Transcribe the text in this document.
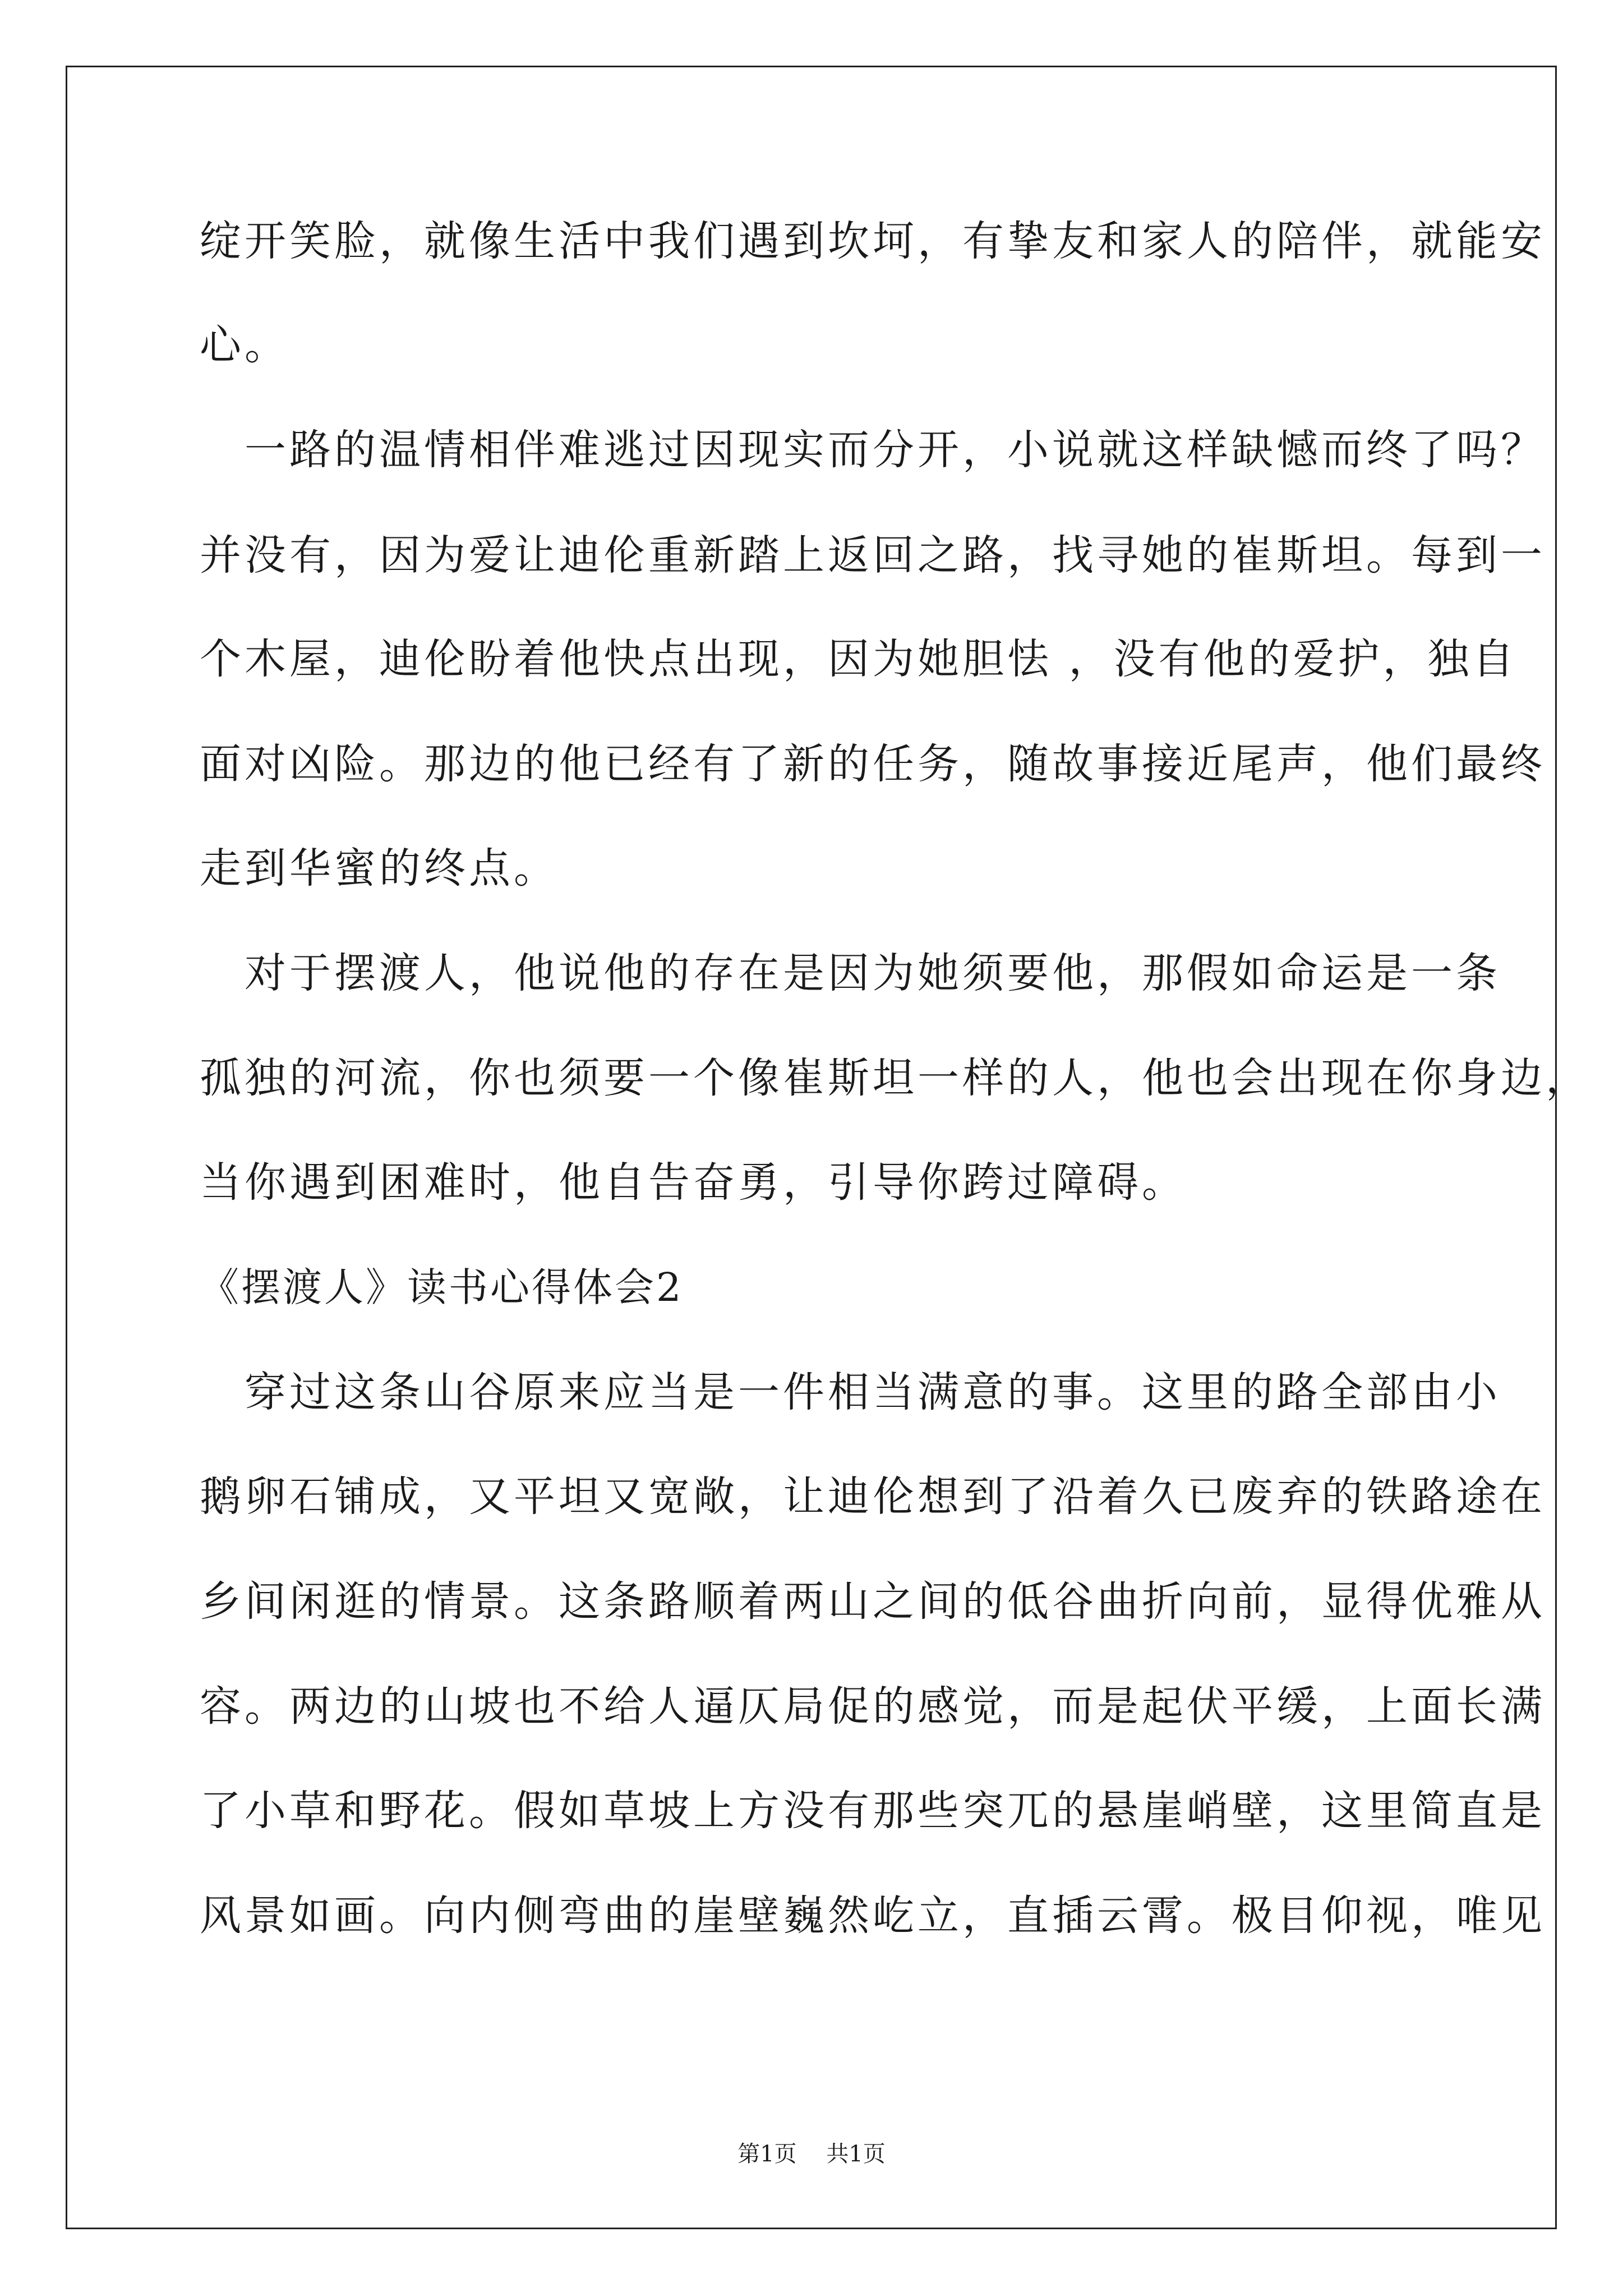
绽开笑脸，就像生活中我们遇到坎坷，有挚友和家人的陪伴，就能安
心。
　一路的温情相伴难逃过因现实而分开，小说就这样缺憾而终了吗？
并没有，因为爱让迪伦重新踏上返回之路，找寻她的崔斯坦。每到一
个木屋，迪伦盼着他快点出现，因为她胆怯 ，没有他的爱护，独自
面对凶险。那边的他已经有了新的任务，随故事接近尾声，他们最终
走到华蜜的终点。
　对于摆渡人，他说他的存在是因为她须要他，那假如命运是一条
孤独的河流，你也须要一个像崔斯坦一样的人，他也会出现在你身边，
当你遇到困难时，他自告奋勇，引导你跨过障碍。
《摆渡人》读书心得体会2
　穿过这条山谷原来应当是一件相当满意的事。这里的路全部由小
鹅卵石铺成，又平坦又宽敞，让迪伦想到了沿着久已废弃的铁路途在
乡间闲逛的情景。这条路顺着两山之间的低谷曲折向前，显得优雅从
容。两边的山坡也不给人逼仄局促的感觉，而是起伏平缓，上面长满
了小草和野花。假如草坡上方没有那些突兀的悬崖峭壁，这里简直是
风景如画。向内侧弯曲的崖壁巍然屹立，直插云霄。极目仰视，唯见
第1页 共1页
